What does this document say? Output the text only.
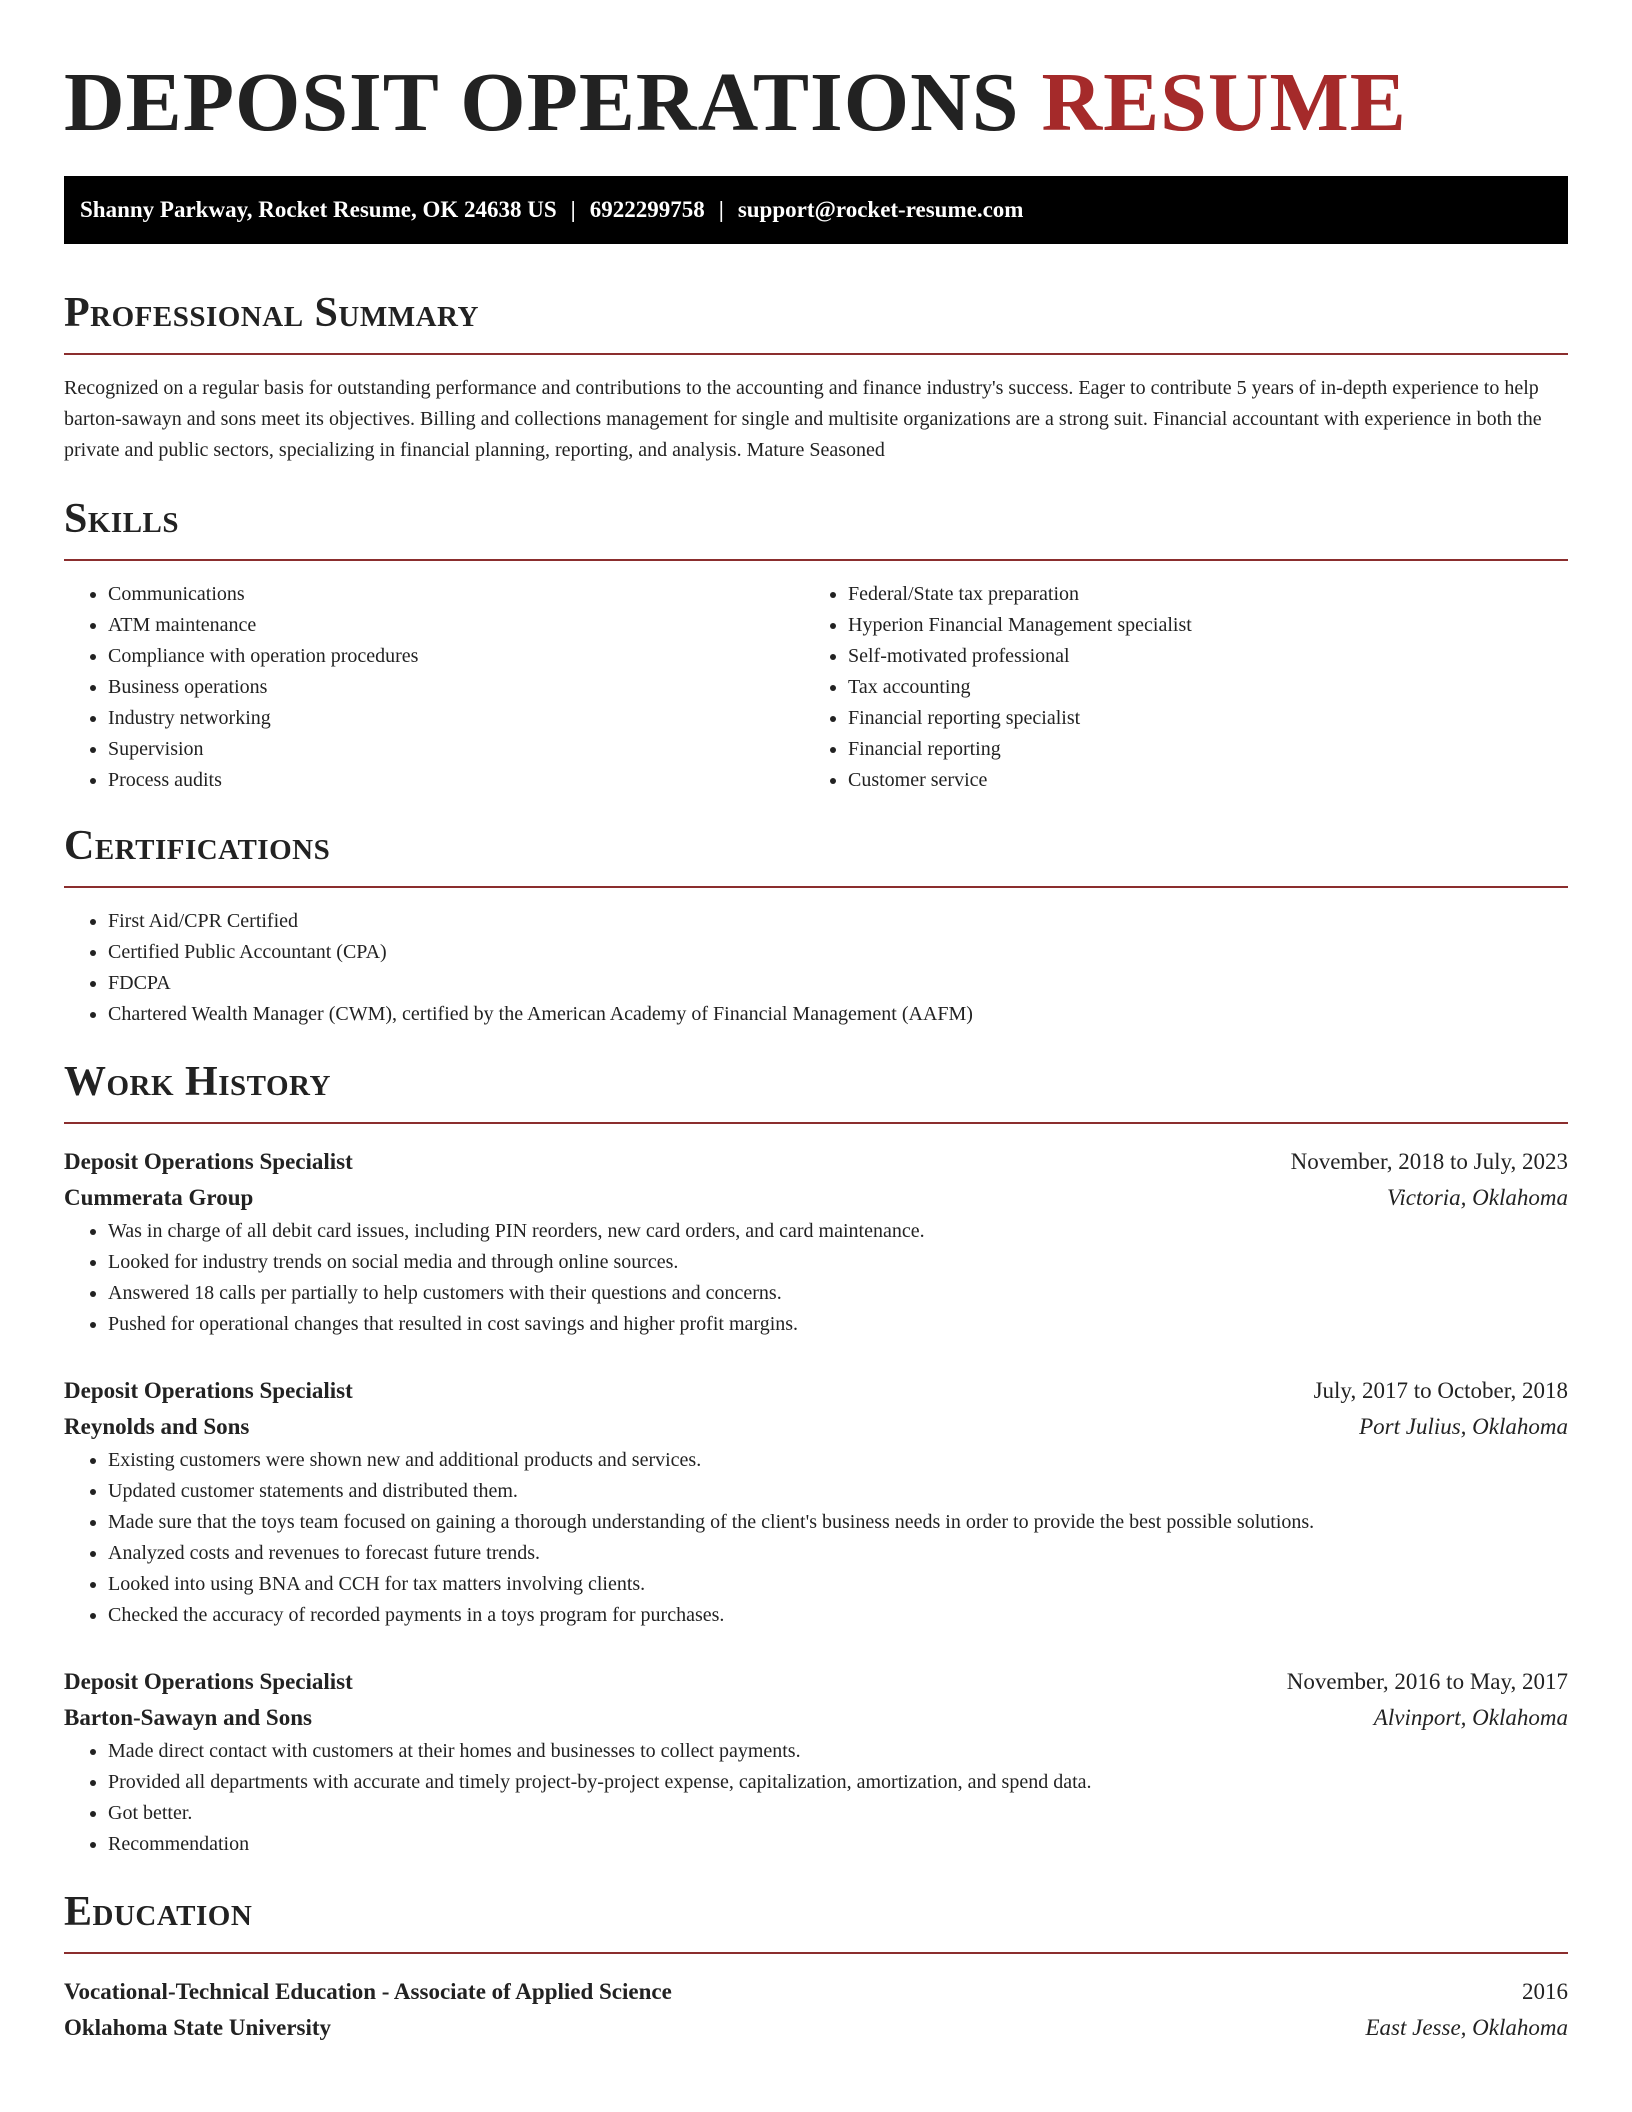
DEPOSIT OPERATIONS RESUME
Shanny Parkway, Rocket Resume, OK 24638 US | 6922299758 | support@rocket-resume.com
Professional Summary

Recognized on a regular basis for outstanding performance and contributions to the accounting and finance industry's success. Eager to contribute 5 years of in-depth experience to help barton-sawayn and sons meet its objectives. Billing and collections management for single and multisite organizations are a strong suit. Financial accountant with experience in both the private and public sectors, specializing in financial planning, reporting, and analysis. Mature Seasoned

Skills
• Communications
• ATM maintenance
• Compliance with operation procedures
• Business operations
• Industry networking
• Supervision
• Process audits
• Federal/State tax preparation
• Hyperion Financial Management specialist
• Self-motivated professional
• Tax accounting
• Financial reporting specialist
• Financial reporting
• Customer service
Certifications
• First Aid/CPR Certified
• Certified Public Accountant (CPA)
• FDCPA
• Chartered Wealth Manager (CWM), certified by the American Academy of Financial Management (AAFM)
Work History
Deposit Operations Specialist	November, 2018 to July, 2023
Cummerata Group	Victoria, Oklahoma
• Was in charge of all debit card issues, including PIN reorders, new card orders, and card maintenance.
• Looked for industry trends on social media and through online sources.
• Answered 18 calls per partially to help customers with their questions and concerns.
• Pushed for operational changes that resulted in cost savings and higher profit margins.
Deposit Operations Specialist	July, 2017 to October, 2018
Reynolds and Sons	Port Julius, Oklahoma
• Existing customers were shown new and additional products and services.
• Updated customer statements and distributed them.
• Made sure that the toys team focused on gaining a thorough understanding of the client's business needs in order to provide the best possible solutions.
• Analyzed costs and revenues to forecast future trends.
• Looked into using BNA and CCH for tax matters involving clients.
• Checked the accuracy of recorded payments in a toys program for purchases.
Deposit Operations Specialist	November, 2016 to May, 2017
Barton-Sawayn and Sons	Alvinport, Oklahoma
• Made direct contact with customers at their homes and businesses to collect payments.
• Provided all departments with accurate and timely project-by-project expense, capitalization, amortization, and spend data.
• Got better.
• Recommendation
Education
Vocational-Technical Education - Associate of Applied Science	2016
Oklahoma State University	East Jesse, Oklahoma
